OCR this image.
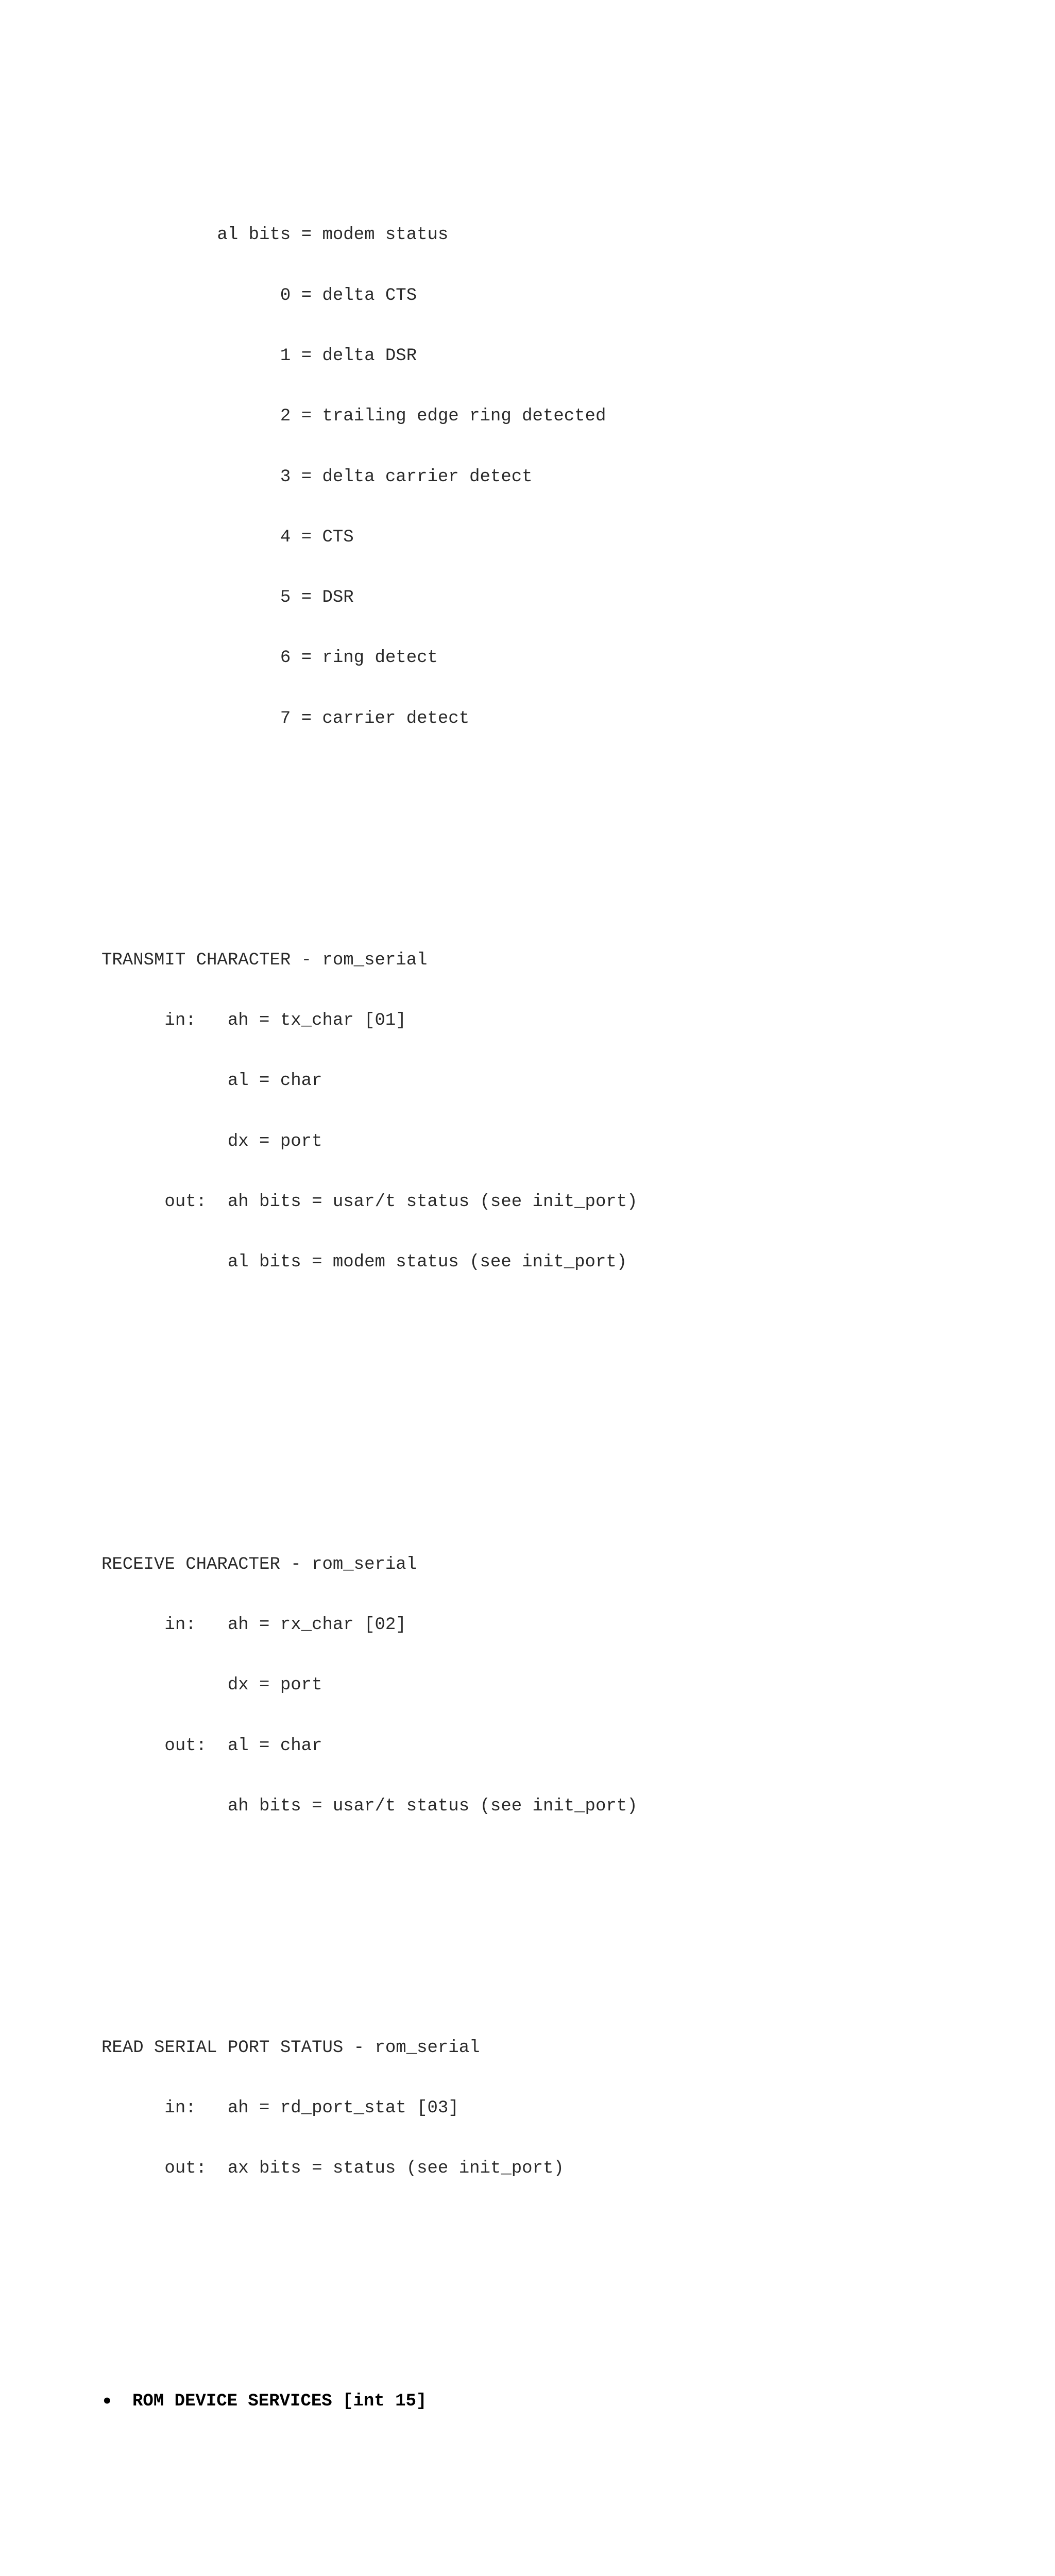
al bits = modem status

0 = delta CTS

1 = delta DSR

2 = trailing edge ring detected

3 = delta carrier detect

4 = CTS

5 = DSR

6 = ring detect

7 = carrier detect

TRANSMIT CHARACTER - rom_serial

in:   ah = tx_char [01]

al = char

dx = port

out:  ah bits = usar/t status (see init_port)

al bits = modem status (see init_port)

RECEIVE CHARACTER - rom_serial

in:   ah = rx_char [02]

dx = port

out:  al = char

ah bits = usar/t status (see init_port)

READ SERIAL PORT STATUS - rom_serial

in:   ah = rd_port_stat [03]

out:  ax bits = status (see init_port)

•

ROM DEVICE SERVICES [int 15]
